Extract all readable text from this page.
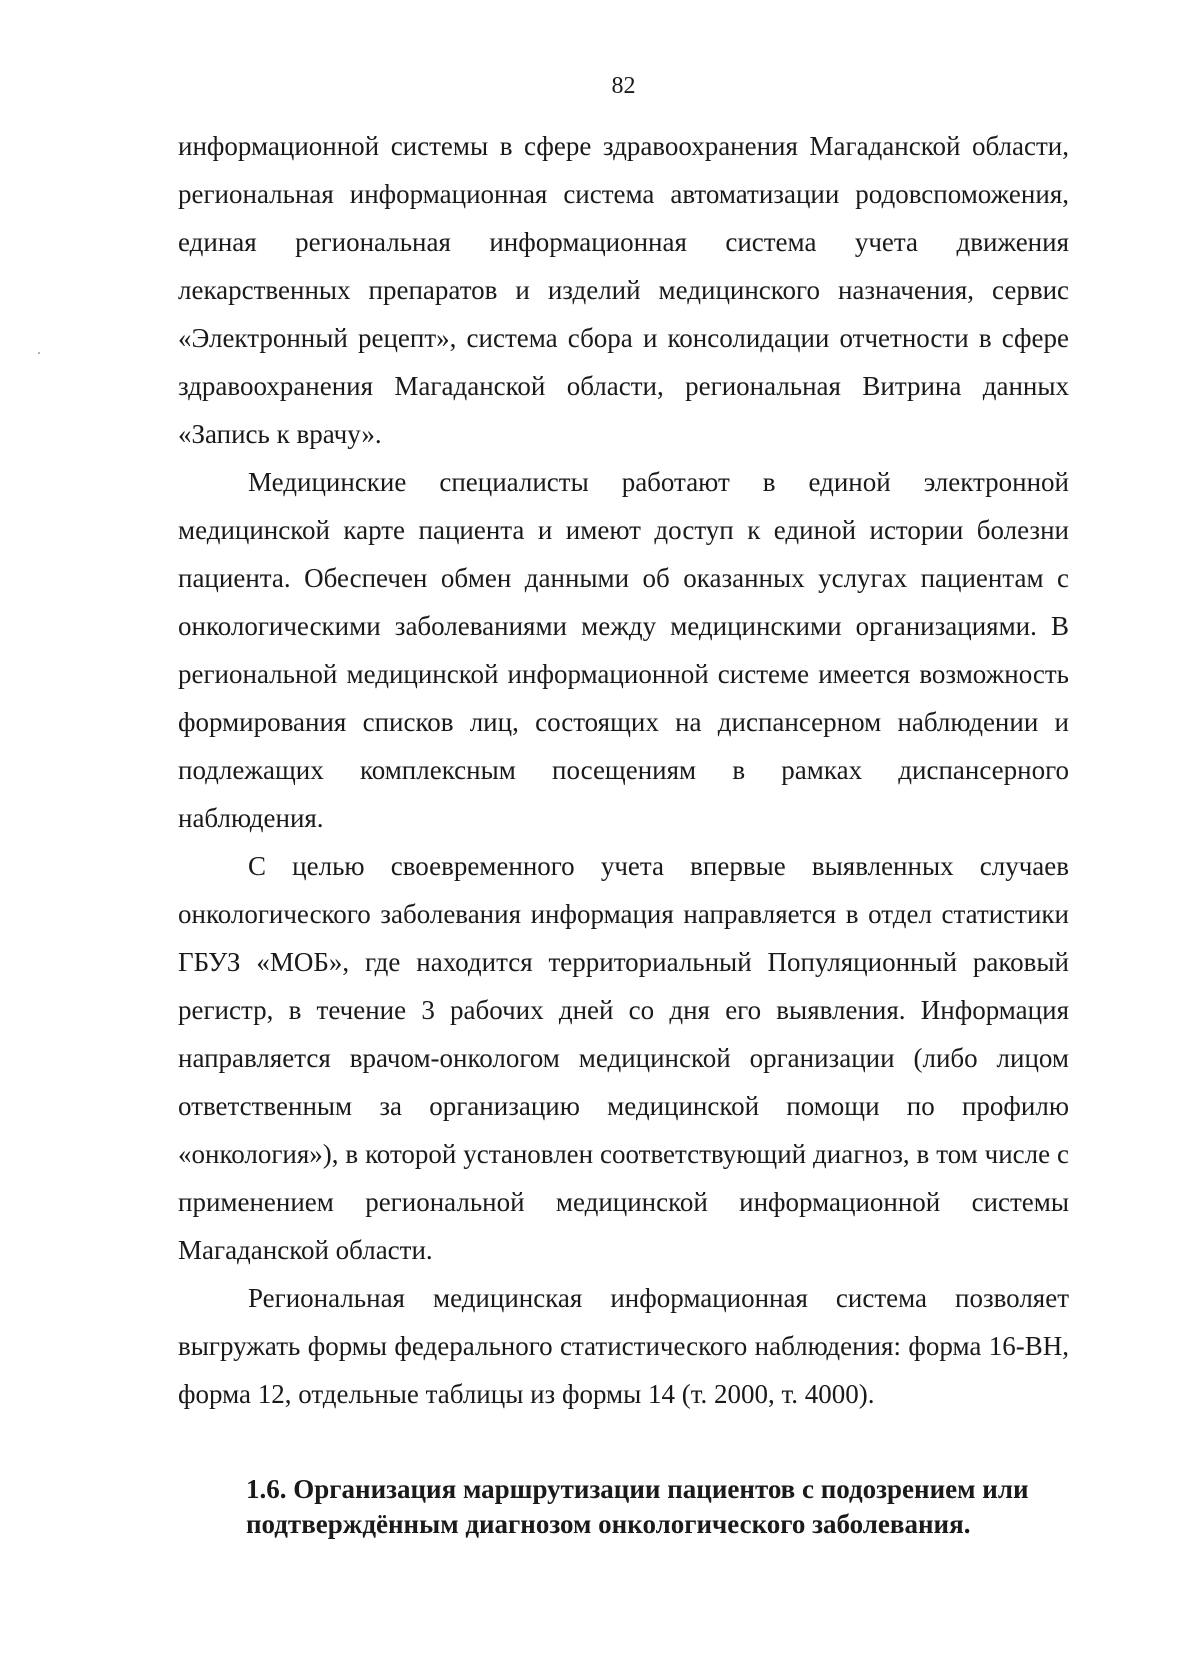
82

информационной системы в сфере здравоохранения Магаданской области, региональная информационная система автоматизации родовспоможения, единая региональная информационная система учета движения лекарственных препаратов и изделий медицинского назначения, сервис «Электронный рецепт», система сбора и консолидации отчетности в сфере здравоохранения Магаданской области, региональная Витрина данных «Запись к врачу».

Медицинские специалисты работают в единой электронной медицинской карте пациента и имеют доступ к единой истории болезни пациента. Обеспечен обмен данными об оказанных услугах пациентам с онкологическими заболеваниями между медицинскими организациями. В региональной медицинской информационной системе имеется возможность формирования списков лиц, состоящих на диспансерном наблюдении и подлежащих комплексным посещениям в рамках диспансерного наблюдения.

С целью своевременного учета впервые выявленных случаев онкологического заболевания информация направляется в отдел статистики ГБУЗ «МОБ», где находится территориальный Популяционный раковый регистр, в течение 3 рабочих дней со дня его выявления. Информация направляется врачом-онкологом медицинской организации (либо лицом ответственным за организацию медицинской помощи по профилю «онкология»), в которой установлен соответствующий диагноз, в том числе с применением региональной медицинской информационной системы Магаданской области.

Региональная медицинская информационная система позволяет выгружать формы федерального статистического наблюдения: форма 16-ВН, форма 12, отдельные таблицы из формы 14 (т. 2000, т. 4000).

1.6. Организация маршрутизации пациентов с подозрением или подтверждённым диагнозом онкологического заболевания.
